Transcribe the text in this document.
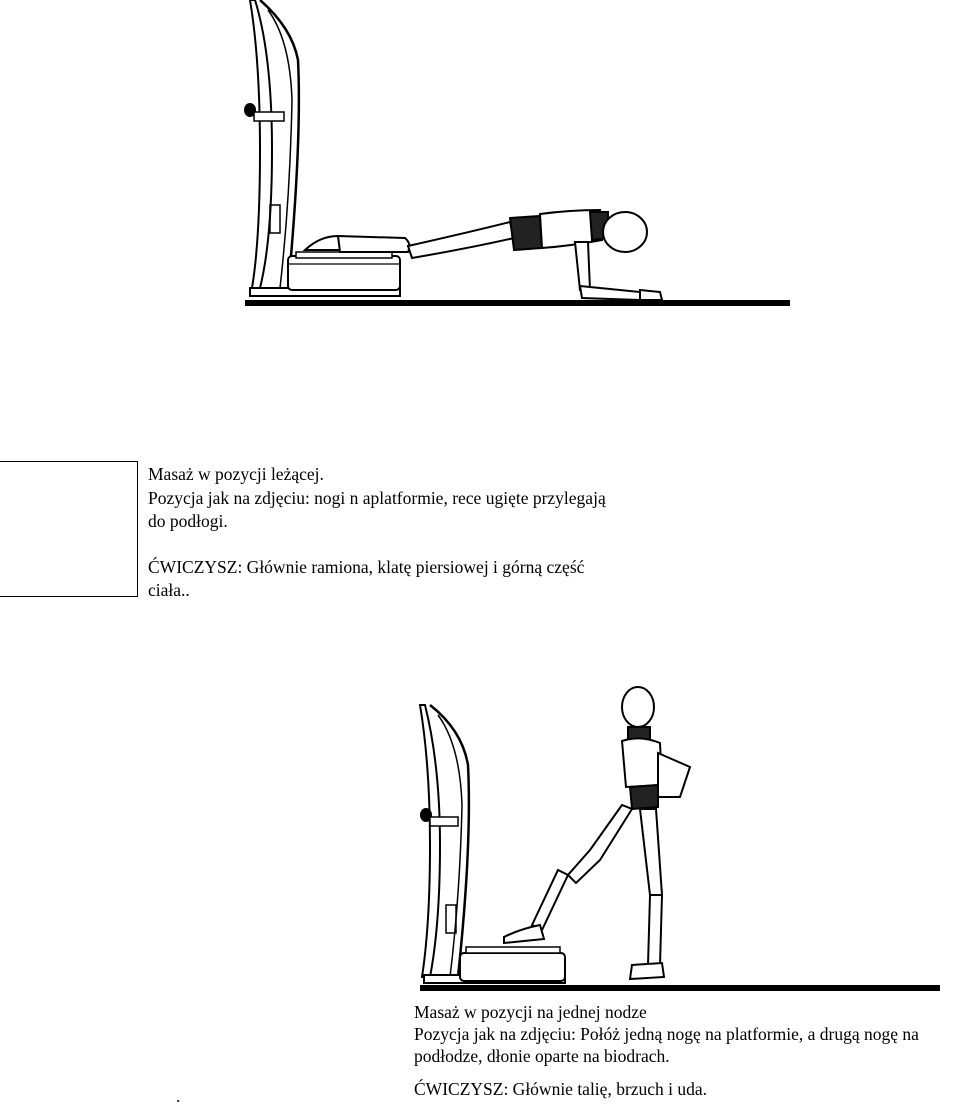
Masaż w pozycji leżącej.
Pozycja jak na zdjęciu: nogi n aplatformie, rece ugięte przylegają
do podłogi.
ĆWICZYSZ: Głównie ramiona, klatę piersiowej i górną część
ciała..
Masaż w pozycji na jednej nodze
Pozycja jak na zdjęciu: Połóż jedną nogę na platformie, a drugą nogę na
podłodze, dłonie oparte na biodrach.
ĆWICZYSZ: Głównie talię, brzuch i uda.
.
